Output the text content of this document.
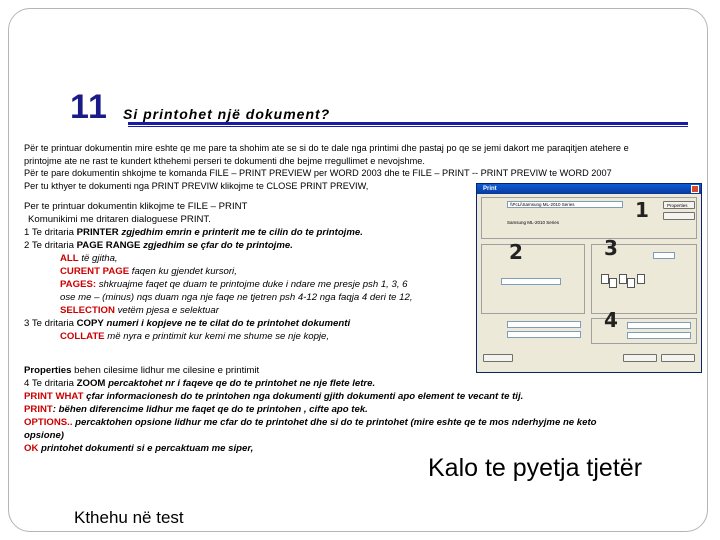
11 Si printohet një dokument?

Për te printuar dokumentin mire eshte qe me pare ta shohim ate se si do te dale nga printimi dhe pastaj po qe se jemi dakort me paraqitjen atehere e

printojme ate ne rast te kundert kthehemi perseri te dokumenti dhe bejme rregullimet e nevojshme.

Për te pare dokumentin shkojme te komanda FILE – PRINT PREVIEW per WORD 2003 dhe te FILE – PRINT -- PRINT PREVIW te WORD 2007

Per tu kthyer te dokumenti nga PRINT PREVIW klikojme te CLOSE PRINT PREVIW,	Print
\\PcLi\Samsung ML-2010 Series	Properties
Samsung ML-2010 Series
1
2	3
4
Per te printuar dokumentin klikojme te FILE – PRINT
Komunikimi me dritaren dialoguese PRINT.
1 Te dritaria PRINTER zgjedhim emrin e printerit me te cilin do te printojme.
2 Te dritaria PAGE RANGE zgjedhim se çfar do te printojme.
ALL të gjitha,
CURENT PAGE faqen ku gjendet kursori,
PAGES: shkruajme faqet qe duam te printojme duke i ndare me presje psh 1, 3, 6
ose me – (minus) nqs duam nga nje faqe ne tjetren psh 4-12 nga faqja 4 deri te 12,
SELECTION vetëm pjesa e selektuar
3 Te dritaria COPY numeri i kopjeve ne te cilat do te printohet dokumenti
COLLATE më nyra e printimit kur kemi me shume se nje kopje,
Properties behen cilesime lidhur me cilesine e printimit
4 Te dritaria ZOOM percaktohet nr i faqeve qe do te printohet ne nje flete letre.
PRINT WHAT çfar informacionesh do te printohen nga dokumenti gjith dokumenti apo element te vecant te tij.
PRINT: bëhen diferencime lidhur me faqet qe do te printohen , cifte apo tek.
OPTIONS.. percaktohen opsione lidhur me cfar do te printohet dhe si do te printohet (mire eshte qe te mos nderhyjme ne keto
opsione)
OK printohet dokumenti si e percaktuam me siper,
Kalo te pyetja tjetër
Kthehu në test
